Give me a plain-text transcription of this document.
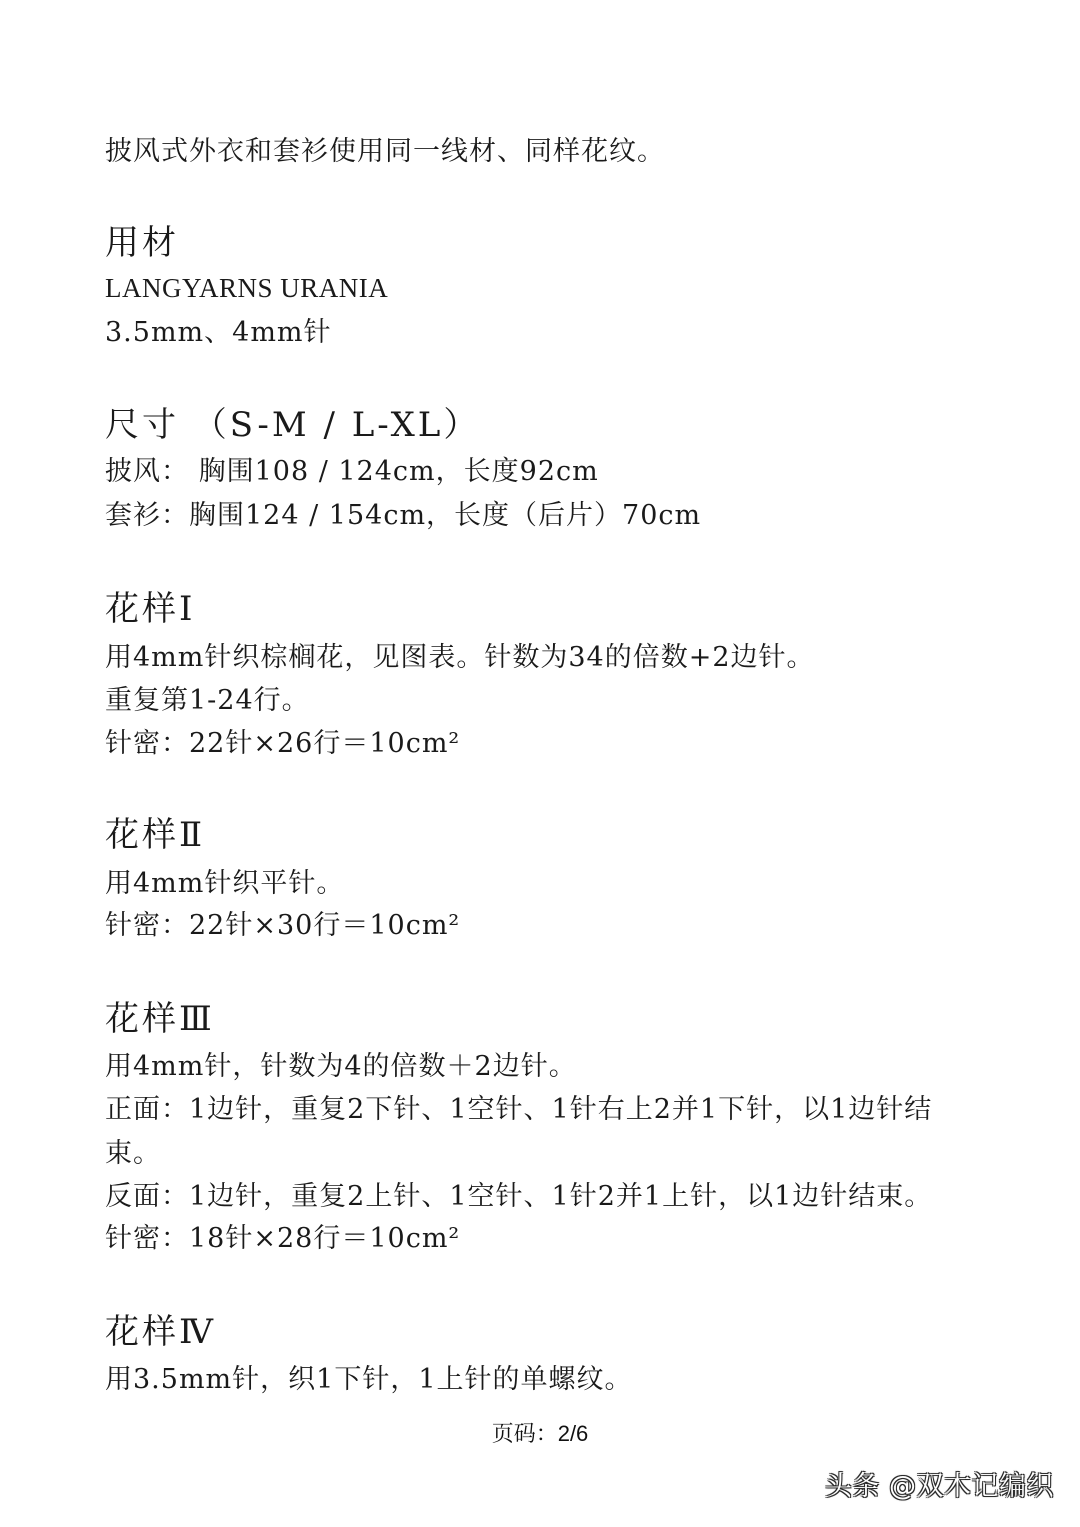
披风式外衣和套衫使用同一线材、同样花纹。
用材
LANGYARNS URANIA
3.5mm、4mm针
尺寸 （S-M / L-XL）
披风： 胸围108 / 124cm，长度92cm
套衫：胸围124 / 154cm，长度（后片）70cm
花样Ⅰ
用4mm针织棕榈花，见图表。针数为34的倍数+2边针。
重复第1-24行。
针密：22针×26行＝10cm²
花样Ⅱ
用4mm针织平针。
针密：22针×30行＝10cm²
花样Ⅲ
用4mm针，针数为4的倍数＋2边针。
正面：1边针，重复2下针、1空针、1针右上2并1下针，以1边针结
束。
反面：1边针，重复2上针、1空针、1针2并1上针，以1边针结束。
针密：18针×28行＝10cm²
花样Ⅳ
用3.5mm针，织1下针，1上针的单螺纹。
页码：2/6
头条 @双木记编织
